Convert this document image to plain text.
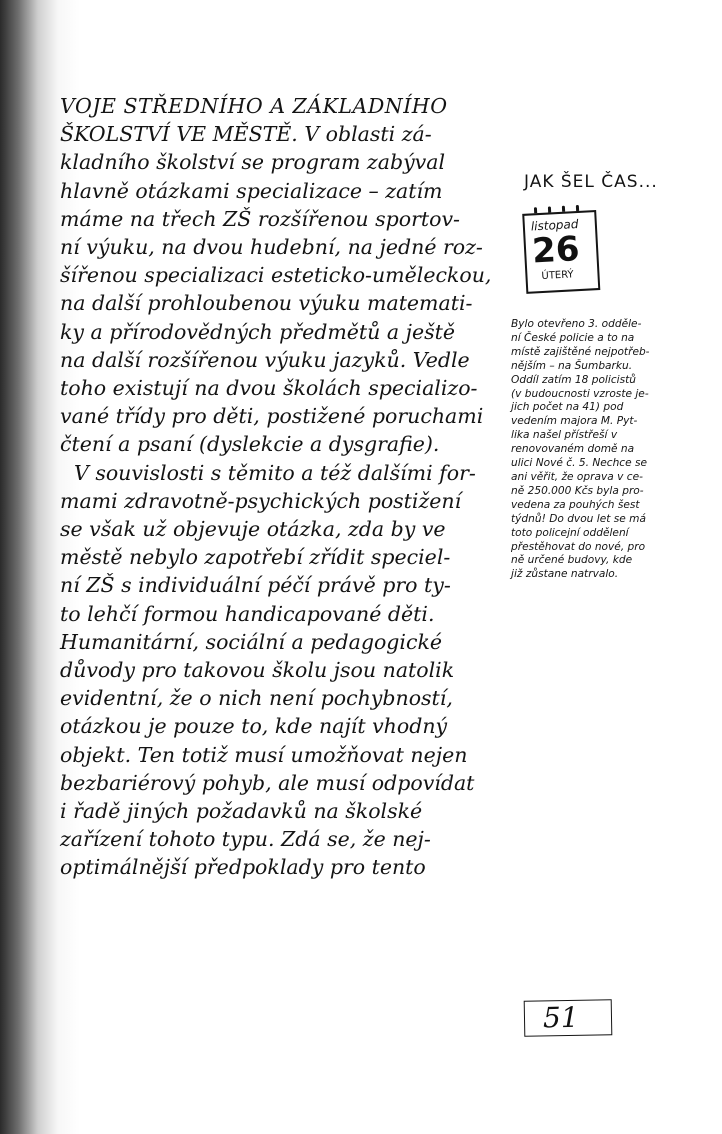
VOJE STŘEDNÍHO A ZÁKLADNÍHO
ŠKOLSTVÍ VE MĚSTĚ. V oblasti zá-
kladního školství se program zabýval
hlavně otázkami specializace – zatím
máme na třech ZŠ rozšířenou sportov-
ní výuku, na dvou hudební, na jedné roz-
šířenou specializaci esteticko-uměleckou,
na další prohloubenou výuku matemati-
ky a přírodovědných předmětů a ještě
na další rozšířenou výuku jazyků. Vedle
toho existují na dvou školách specializo-
vané třídy pro děti, postižené poruchami
čtení a psaní (dyslekcie a dysgrafie).
V souvislosti s těmito a též dalšími for-
mami zdravotně-psychických postižení
se však už objevuje otázka, zda by ve
městě nebylo zapotřebí zřídit speciel-
ní ZŠ s individuální péčí právě pro ty-
to lehčí formou handicapované děti.
Humanitární, sociální a pedagogické
důvody pro takovou školu jsou natolik
evidentní, že o nich není pochybností,
otázkou je pouze to, kde najít vhodný
objekt. Ten totiž musí umožňovat nejen
bezbariérový pohyb, ale musí odpovídat
i řadě jiných požadavků na školské
zařízení tohoto typu. Zdá se, že nej-
optimálnější předpoklady pro tento
JAK ŠEL ČAS...
listopad
26
ÚTERÝ
Bylo otevřeno 3. odděle-
ní České policie a to na
místě zajištěné nejpotřeb-
nějším – na Šumbarku.
Oddíl zatím 18 policistů
(v budoucnosti vzroste je-
jich počet na 41) pod
vedením majora M. Pyt-
lika našel přístřeší v
renovovaném domě na
ulici Nové č. 5. Nechce se
ani věřit, že oprava v ce-
ně 250.000 Kčs byla pro-
vedena za pouhých šest
týdnů! Do dvou let se má
toto policejní oddělení
přestěhovat do nové, pro
ně určené budovy, kde
již zůstane natrvalo.
51
